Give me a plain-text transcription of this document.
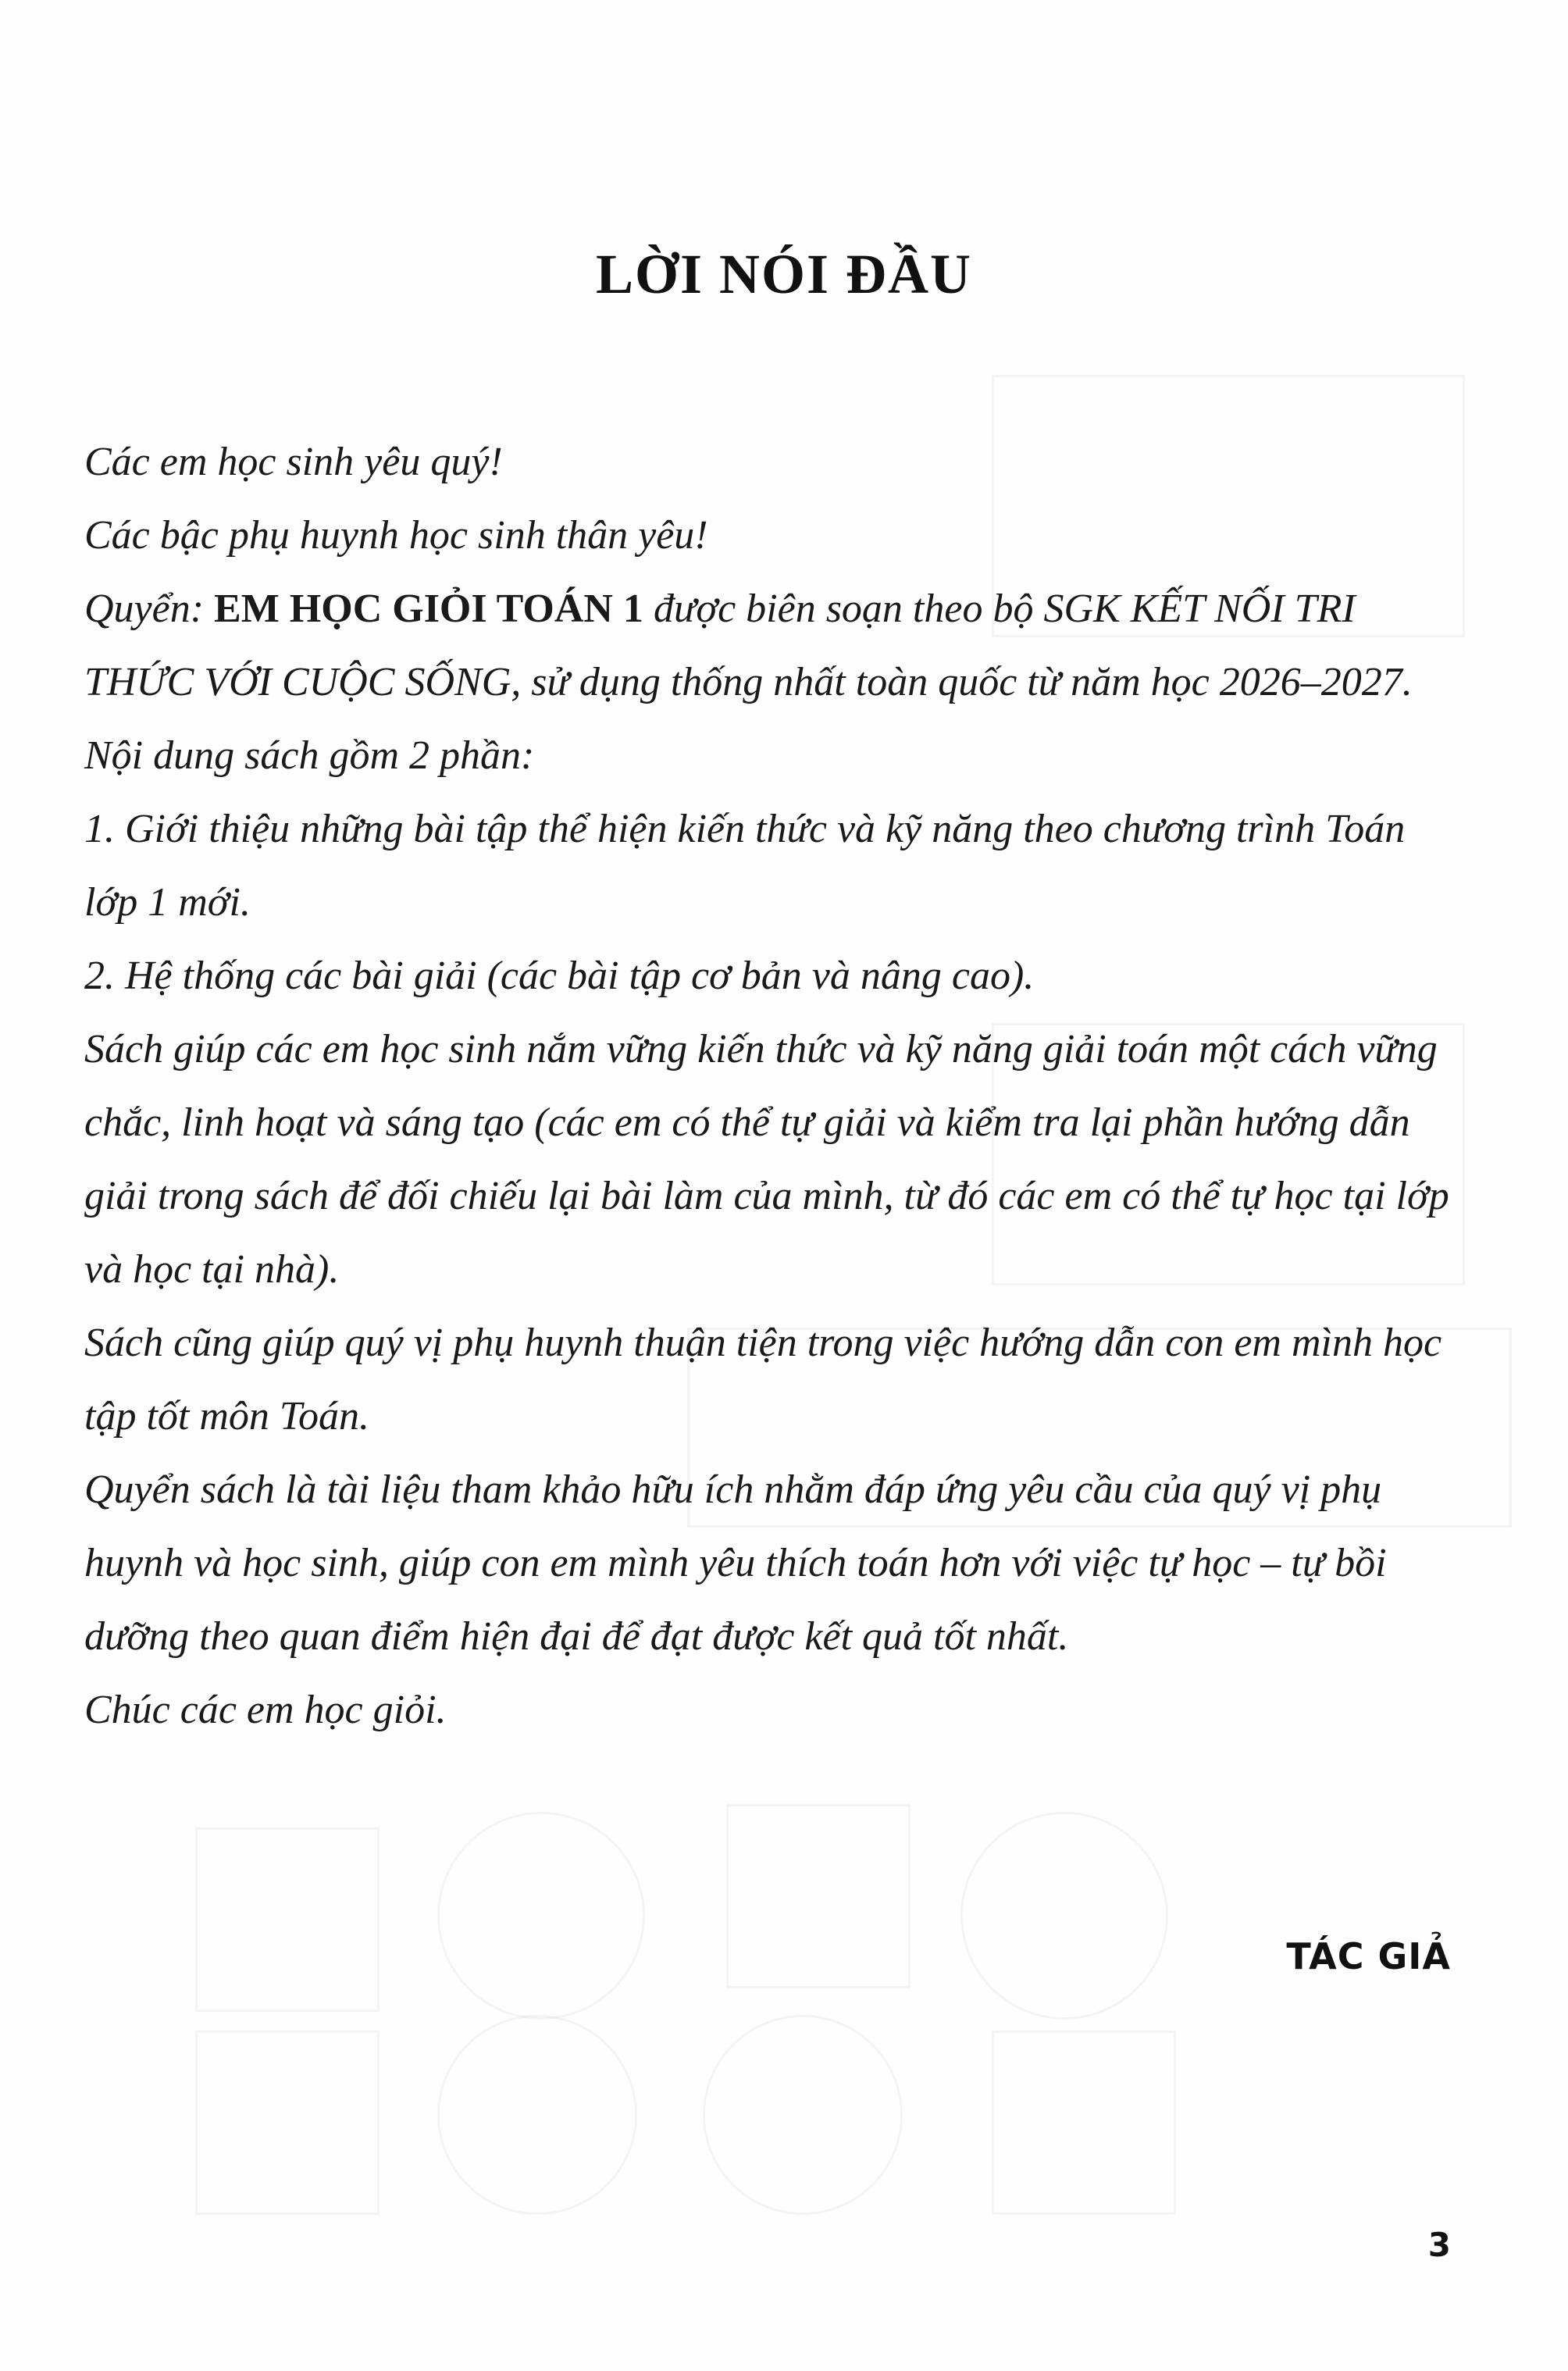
LỜI NÓI ĐẦU

Các em học sinh yêu quý!

Các bậc phụ huynh học sinh thân yêu!

Quyển: EM HỌC GIỎI TOÁN 1 được biên soạn theo bộ SGK KẾT NỐI TRI THỨC VỚI CUỘC SỐNG, sử dụng thống nhất toàn quốc từ năm học 2026–2027. Nội dung sách gồm 2 phần:

1. Giới thiệu những bài tập thể hiện kiến thức và kỹ năng theo chương trình Toán lớp 1 mới.

2. Hệ thống các bài giải (các bài tập cơ bản và nâng cao).

Sách giúp các em học sinh nắm vững kiến thức và kỹ năng giải toán một cách vững chắc, linh hoạt và sáng tạo (các em có thể tự giải và kiểm tra lại phần hướng dẫn giải trong sách để đối chiếu lại bài làm của mình, từ đó các em có thể tự học tại lớp và học tại nhà).

Sách cũng giúp quý vị phụ huynh thuận tiện trong việc hướng dẫn con em mình học tập tốt môn Toán.

Quyển sách là tài liệu tham khảo hữu ích nhằm đáp ứng yêu cầu của quý vị phụ huynh và học sinh, giúp con em mình yêu thích toán hơn với việc tự học – tự bồi dưỡng theo quan điểm hiện đại để đạt được kết quả tốt nhất.

Chúc các em học giỏi.

TÁC GIẢ
3
